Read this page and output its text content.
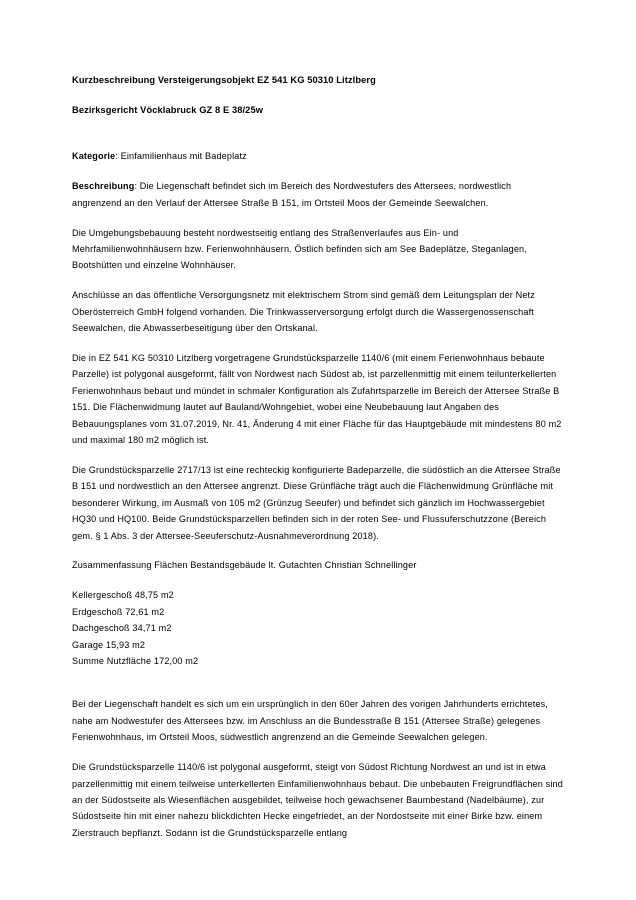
Kurzbeschreibung Versteigerungsobjekt EZ 541 KG 50310 Litzlberg
Bezirksgericht Vöcklabruck GZ 8 E 38/25w

Kategorie: Einfamilienhaus mit Badeplatz

Beschreibung: Die Liegenschaft befindet sich im Bereich des Nordwestufers des Attersees, nordwestlich angrenzend an den Verlauf der Attersee Straße B 151, im Ortsteil Moos der Gemeinde Seewalchen.

Die Umgebungsbebauung besteht nordwestseitig entlang des Straßenverlaufes aus Ein- und Mehrfamilienwohnhäusern bzw. Ferienwohnhäusern. Östlich befinden sich am See Badeplätze, Steganlagen, Bootshütten und einzelne Wohnhäuser.

Anschlüsse an das öffentliche Versorgungsnetz mit elektrischem Strom sind gemäß dem Leitungsplan der Netz Oberösterreich GmbH folgend vorhanden. Die Trinkwasserversorgung erfolgt durch die Wassergenossenschaft Seewalchen, die Abwasserbeseitigung über den Ortskanal.

Die in EZ 541 KG 50310 Litzlberg vorgetragene Grundstücksparzelle 1140/6 (mit einem Ferienwohnhaus bebaute Parzelle) ist polygonal ausgeformt, fällt von Nordwest nach Südost ab, ist parzellenmittig mit einem teilunterkellerten Ferienwohnhaus bebaut und mündet in schmaler Konfiguration als Zufahrtsparzelle im Bereich der Attersee Straße B 151. Die Flächenwidmung lautet auf Bauland/Wohngebiet, wobei eine Neubebauung laut Angaben des Bebauungsplanes vom 31.07.2019, Nr. 41, Änderung 4 mit einer Fläche für das Hauptgebäude mit mindestens 80 m2 und maximal 180 m2 möglich ist.

Die Grundstücksparzelle 2717/13 ist eine rechteckig konfigurierte Badeparzelle, die südöstlich an die Attersee Straße B 151 und nordwestlich an den Attersee angrenzt. Diese Grünfläche trägt auch die Flächenwidmung Grünfläche mit besonderer Wirkung, im Ausmaß von 105 m2 (Grünzug Seeufer) und befindet sich gänzlich im Hochwassergebiet HQ30 und HQ100. Beide Grundstücksparzellen befinden sich in der roten See- und Flussuferschutzzone (Bereich gem. § 1 Abs. 3 der Attersee-Seeuferschutz-Ausnahmeverordnung 2018).

Zusammenfassung Flächen Bestandsgebäude lt. Gutachten Christian Schnellinger

Kellergeschoß 48,75 m2
Erdgeschoß 72,61 m2
Dachgeschoß 34,71 m2
Garage 15,93 m2
Summe Nutzfläche 172,00 m2

Bei der Liegenschaft handelt es sich um ein ursprünglich in den 60er Jahren des vorigen Jahrhunderts errichtetes, nahe am Nodwestufer des Attersees bzw. im Anschluss an die Bundesstraße B 151 (Attersee Straße) gelegenes Ferienwohnhaus, im Ortsteil Moos, südwestlich angrenzend an die Gemeinde Seewalchen gelegen.

Die Grundstücksparzelle 1140/6 ist polygonal ausgeformt, steigt von Südost Richtung Nordwest an und ist in etwa parzellenmittig mit einem teilweise unterkellerten Einfamilienwohnhaus bebaut. Die unbebauten Freigrundflächen sind an der Südostseite als Wiesenflächen ausgebildet, teilweise hoch gewachsener Baumbestand (Nadelbäume), zur Südostseite hin mit einer nahezu blickdichten Hecke eingefriedet, an der Nordostseite mit einer Birke bzw. einem Zierstrauch bepflanzt. Sodann ist die Grundstücksparzelle entlang
